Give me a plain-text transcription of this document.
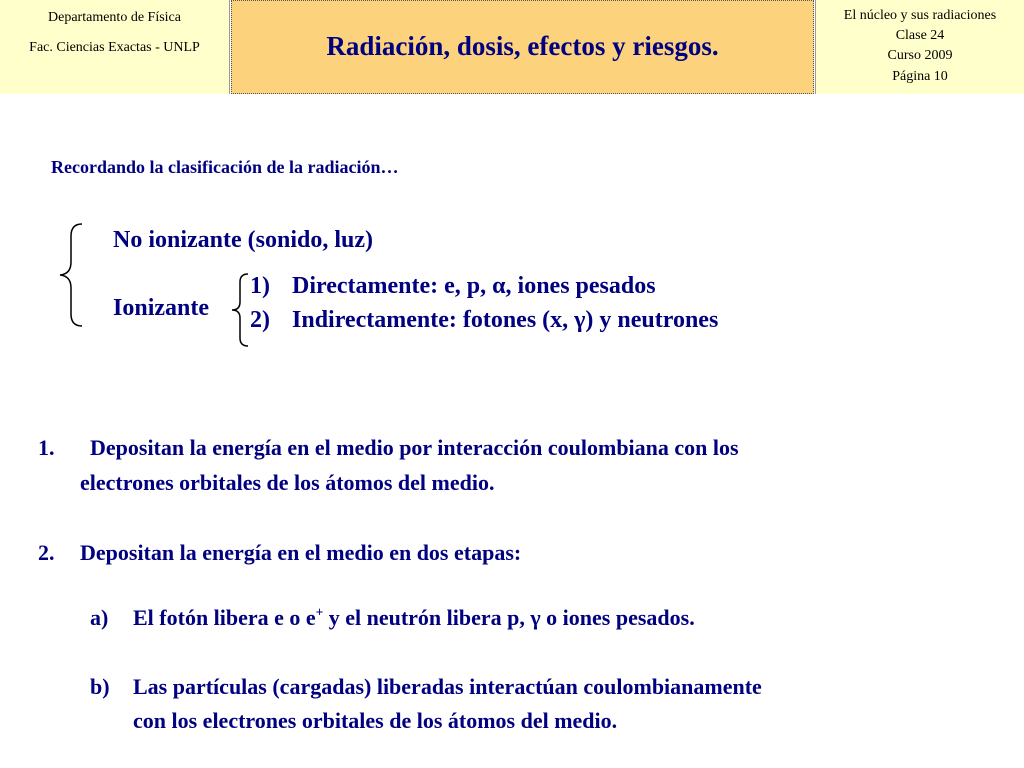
Departamento de Física
Fac. Ciencias Exactas - UNLP	Radiación, dosis, efectos y riesgos.
El núcleo y sus radiaciones
Clase 24
Curso 2009
Página 10
Recordando la clasificación de la radiación…
No ionizante (sonido, luz)
Ionizante
1) Directamente: e, p, α, iones pesados
2) Indirectamente: fotones (x, γ) y neutrones
1. Depositan la energía en el medio por interacción coulombiana con los
electrones orbitales de los átomos del medio.
2. Depositan la energía en el medio en dos etapas:
a) El fotón libera e o e+ y el neutrón libera p, γ o iones pesados.
b) Las partículas (cargadas) liberadas interactúan coulombianamente
con los electrones orbitales de los átomos del medio.
